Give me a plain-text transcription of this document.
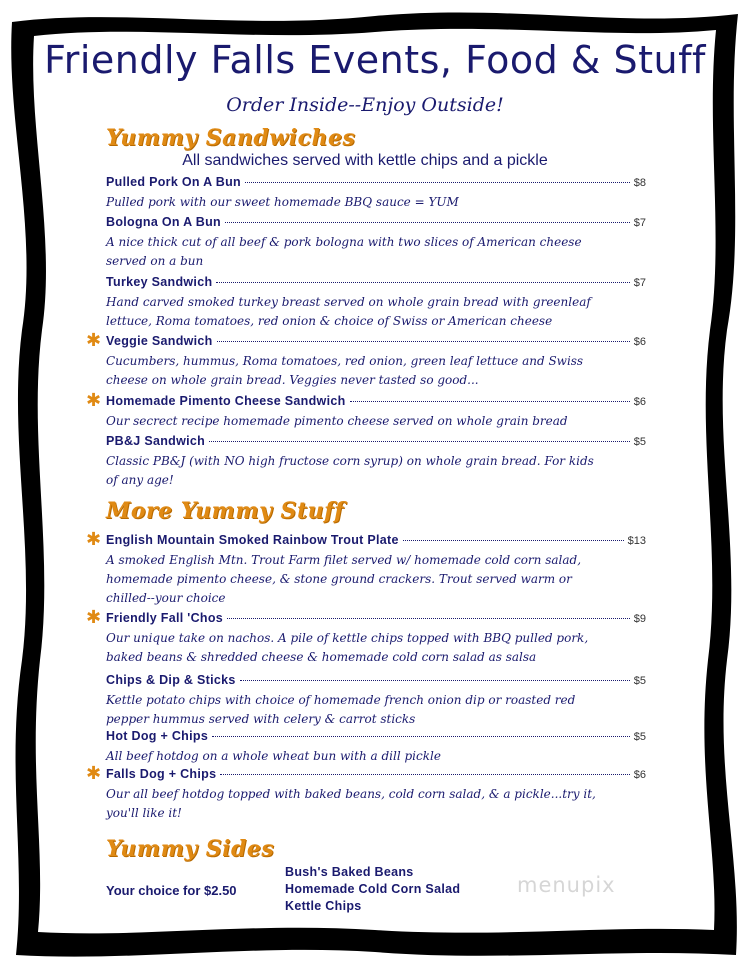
Friendly Falls Events, Food & Stuff
Order Inside--Enjoy Outside!
Yummy Sandwiches
All sandwiches served with kettle chips and a pickle
Pulled Pork On A Bun	$8
Pulled pork with our sweet homemade BBQ sauce = YUM
Bologna On A Bun	$7
A nice thick cut of all beef & pork bologna with two slices of American cheese served on a bun
Turkey Sandwich	$7
Hand carved smoked turkey breast served on whole grain bread with greenleaf lettuce, Roma tomatoes, red onion & choice of Swiss or American cheese
✱ Veggie Sandwich	$6
Cucumbers, hummus, Roma tomatoes, red onion, green leaf lettuce and Swiss cheese on whole grain bread. Veggies never tasted so good...
✱ Homemade Pimento Cheese Sandwich	$6
Our secrect recipe homemade pimento cheese served on whole grain bread
PB&J Sandwich	$5
Classic PB&J (with NO high fructose corn syrup) on whole grain bread. For kids of any age!
More Yummy Stuff
✱ English Mountain Smoked Rainbow Trout Plate	$13
A smoked English Mtn. Trout Farm filet served w/ homemade cold corn salad, homemade pimento cheese, & stone ground crackers. Trout served warm or chilled--your choice
✱ Friendly Fall 'Chos	$9
Our unique take on nachos. A pile of kettle chips topped with BBQ pulled pork, baked beans & shredded cheese & homemade cold corn salad as salsa
Chips & Dip & Sticks	$5
Kettle potato chips with choice of homemade french onion dip or roasted red pepper hummus served with celery & carrot sticks
Hot Dog + Chips	$5
All beef hotdog on a whole wheat bun with a dill pickle
✱ Falls Dog + Chips	$6
Our all beef hotdog topped with baked beans, cold corn salad, & a pickle...try it, you'll like it!
Yummy Sides
Your choice for $2.50
Bush's Baked Beans
Homemade Cold Corn Salad
Kettle Chips
menupix
